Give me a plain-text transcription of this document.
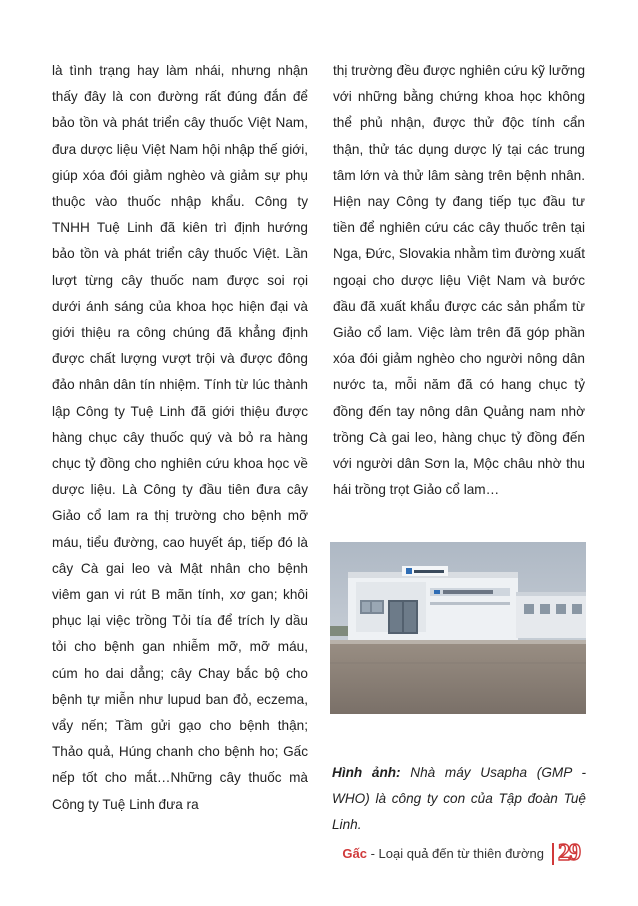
là tình trạng hay làm nhái, nhưng nhận thấy đây là con đường rất đúng đắn để bảo tồn và phát triển cây thuốc Việt Nam, đưa dược liệu Việt Nam hội nhập thế giới, giúp xóa đói giảm nghèo và giảm sự phụ thuộc vào thuốc nhập khẩu. Công ty TNHH Tuệ Linh đã kiên trì định hướng bảo tồn và phát triển cây thuốc Việt. Lần lượt từng cây thuốc nam được soi rọi dưới ánh sáng của khoa học hiện đại và giới thiệu ra công chúng đã khẳng định được chất lượng vượt trội và được đông đảo nhân dân tín nhiệm. Tính từ lúc thành lập Công ty Tuệ Linh đã giới thiệu được hàng chục cây thuốc quý và bỏ ra hàng chục tỷ đồng cho nghiên cứu khoa học về dược liệu. Là Công ty đầu tiên đưa cây Giảo cổ lam ra thị trường cho bệnh mỡ máu, tiểu đường, cao huyết áp, tiếp đó là cây Cà gai leo và Mật nhân cho bệnh viêm gan vi rút B mãn tính, xơ gan; khôi phục lại việc trồng Tỏi tía để trích ly dầu tỏi cho bệnh gan nhiễm mỡ, mỡ máu, cúm ho dai dẳng; cây Chay bắc bộ cho bệnh tự miễn như lupud ban đỏ, eczema, vẩy nến; Tầm gửi gạo cho bệnh thận; Thảo quả, Húng chanh cho bệnh ho; Gấc nếp tốt cho mắt…Những cây thuốc mà Công ty Tuệ Linh đưa ra

thị trường đều được nghiên cứu kỹ lưỡng với những bằng chứng khoa học không thể phủ nhận, được thử độc tính cẩn thận, thử tác dụng dược lý tại các trung tâm lớn và thử lâm sàng trên bệnh nhân. Hiện nay Công ty đang tiếp tục đầu tư tiền để nghiên cứu các cây thuốc trên tại Nga, Đức, Slovakia nhằm tìm đường xuất ngoại cho dược liệu Việt Nam và bước đầu đã xuất khẩu được các sản phẩm từ Giảo cổ lam. Việc làm trên đã góp phần xóa đói giảm nghèo cho người nông dân nước ta, mỗi năm đã có hang chục tỷ đồng đến tay nông dân Quảng nam nhờ trồng Cà gai leo, hàng chục tỷ đồng đến với người dân Sơn la, Mộc châu nhờ thu hái trồng trọt Giảo cổ lam…

Hình ảnh: Nhà máy Usapha (GMP - WHO) là công ty con của Tập đoàn Tuệ Linh.
Gấc - Loại quả đến từ thiên đường 29
